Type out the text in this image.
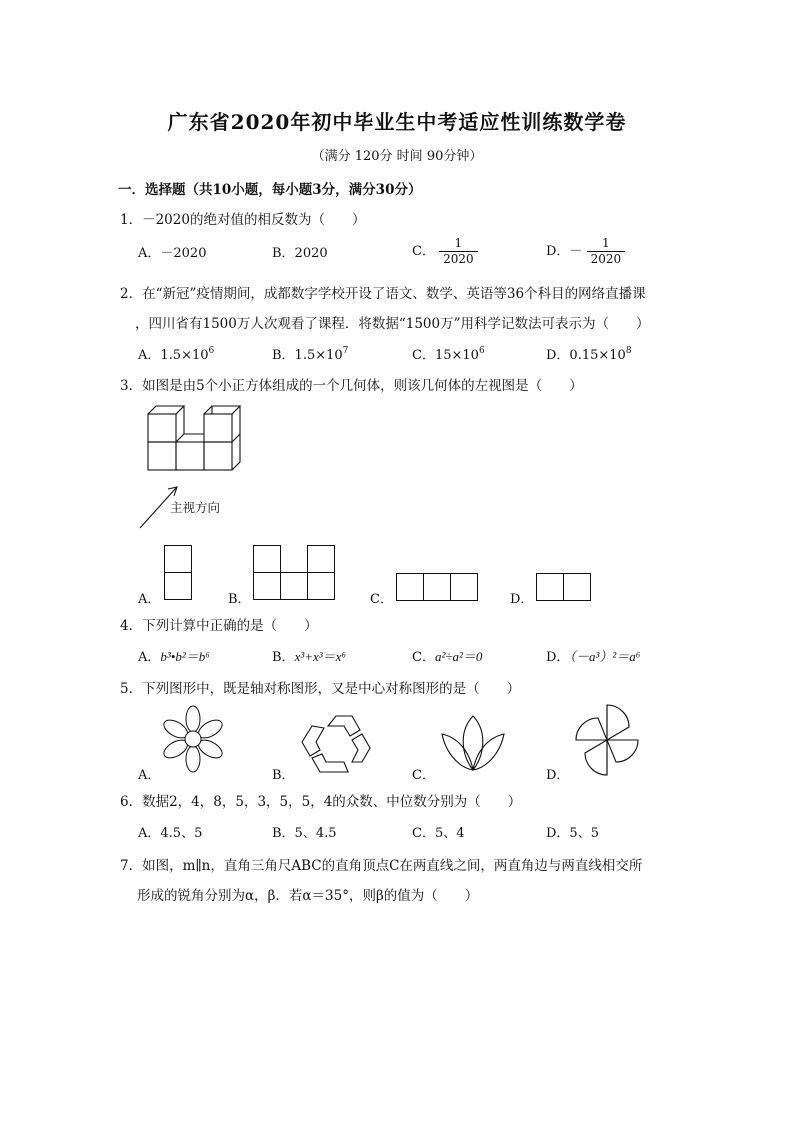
广东省2020年初中毕业生中考适应性训练数学卷
（满分 120分 时间 90分钟）
一．选择题（共10小题，每小题3分，满分30分）
1．－2020的绝对值的相反数为（　　）
A．－2020	B．2020	C． $\frac{1}{2020}$	D．－ $\frac{1}{2020}$
2．在“新冠”疫情期间，成都数字学校开设了语文、数学、英语等36个科目的网络直播课
，四川省有1500万人次观看了课程．将数据“1500万”用科学记数法可表示为（　　）
A．$1.5\times 10^6$	B．$1.5\times 10^7$	C．$15\times 10^6$	D．$0.15\times 10^8$
3．如图是由5个小正方体组成的一个几何体，则该几何体的左视图是（　　）
主视方向
A．	B．	C．	D．
4．下列计算中正确的是（　　）
A．b³•b²＝b⁶	B．x³+x³＝x⁶	C．a²÷a²＝0	D．（－a³）²＝a⁶
5．下列图形中，既是轴对称图形，又是中心对称图形的是（　　）
A．	B．	C．	D．
6．数据2，4，8，5，3，5，5，4的众数、中位数分别为（　　）
A．4.5、5	B．5、4.5	C．5、4	D．5、5
7．如图，m∥n，直角三角尺ABC的直角顶点C在两直线之间，两直角边与两直线相交所
形成的锐角分别为α，β．若α＝35°，则β的值为（　　）
